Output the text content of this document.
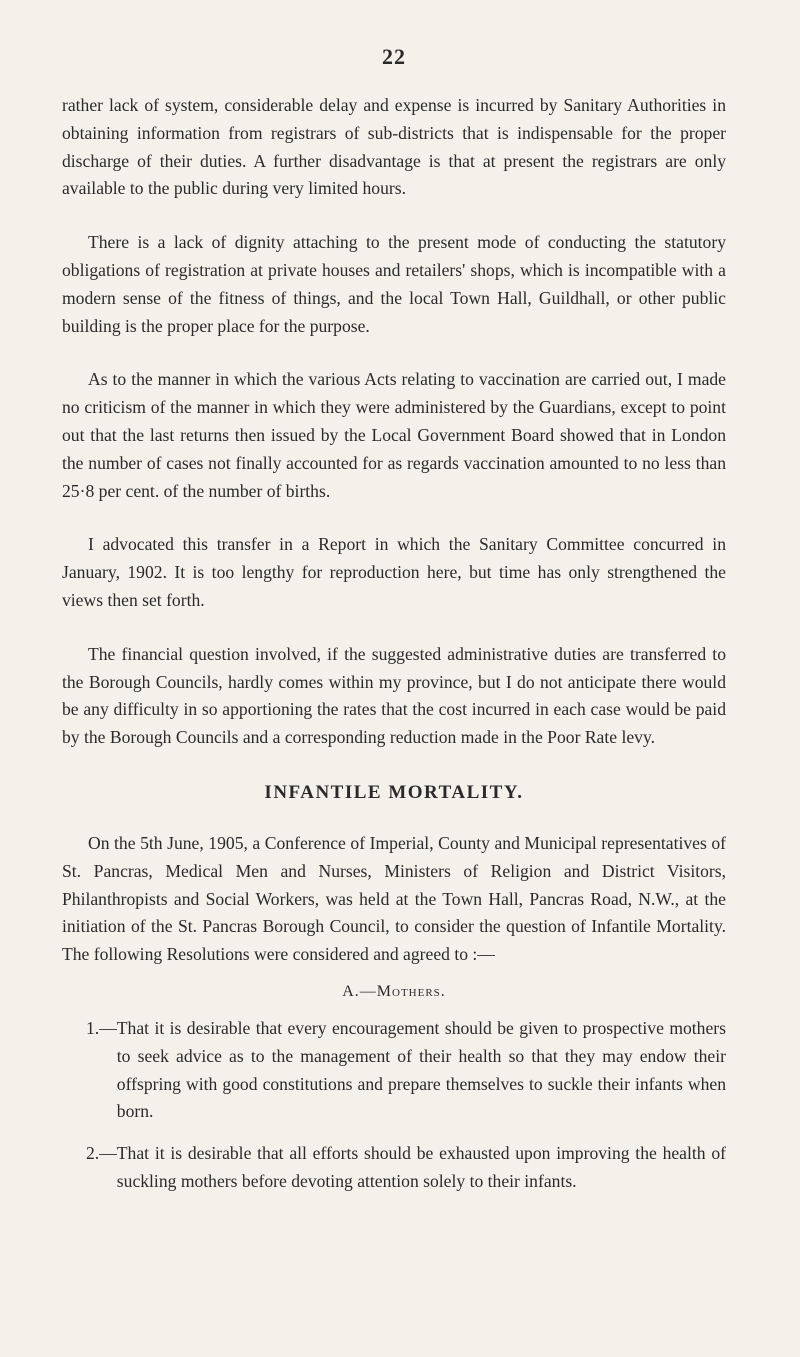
22

rather lack of system, considerable delay and expense is incurred by Sanitary Authorities in obtaining information from registrars of sub-districts that is indispensable for the proper discharge of their duties. A further disadvantage is that at present the registrars are only available to the public during very limited hours.

There is a lack of dignity attaching to the present mode of conducting the statutory obligations of registration at private houses and retailers' shops, which is incompatible with a modern sense of the fitness of things, and the local Town Hall, Guildhall, or other public building is the proper place for the purpose.

As to the manner in which the various Acts relating to vaccination are carried out, I made no criticism of the manner in which they were administered by the Guardians, except to point out that the last returns then issued by the Local Government Board showed that in London the number of cases not finally accounted for as regards vaccination amounted to no less than 25·8 per cent. of the number of births.

I advocated this transfer in a Report in which the Sanitary Committee concurred in January, 1902. It is too lengthy for reproduction here, but time has only strengthened the views then set forth.

The financial question involved, if the suggested administrative duties are transferred to the Borough Councils, hardly comes within my province, but I do not anticipate there would be any difficulty in so apportioning the rates that the cost incurred in each case would be paid by the Borough Councils and a corresponding reduction made in the Poor Rate levy.

INFANTILE MORTALITY.

On the 5th June, 1905, a Conference of Imperial, County and Municipal representatives of St. Pancras, Medical Men and Nurses, Ministers of Religion and District Visitors, Philanthropists and Social Workers, was held at the Town Hall, Pancras Road, N.W., at the initiation of the St. Pancras Borough Council, to consider the question of Infantile Mortality. The following Resolutions were considered and agreed to :—

A.—Mothers.
1.— That it is desirable that every encouragement should be given to prospective mothers to seek advice as to the management of their health so that they may endow their offspring with good constitutions and prepare themselves to suckle their infants when born.
2.— That it is desirable that all efforts should be exhausted upon improving the health of suckling mothers before devoting attention solely to their infants.
